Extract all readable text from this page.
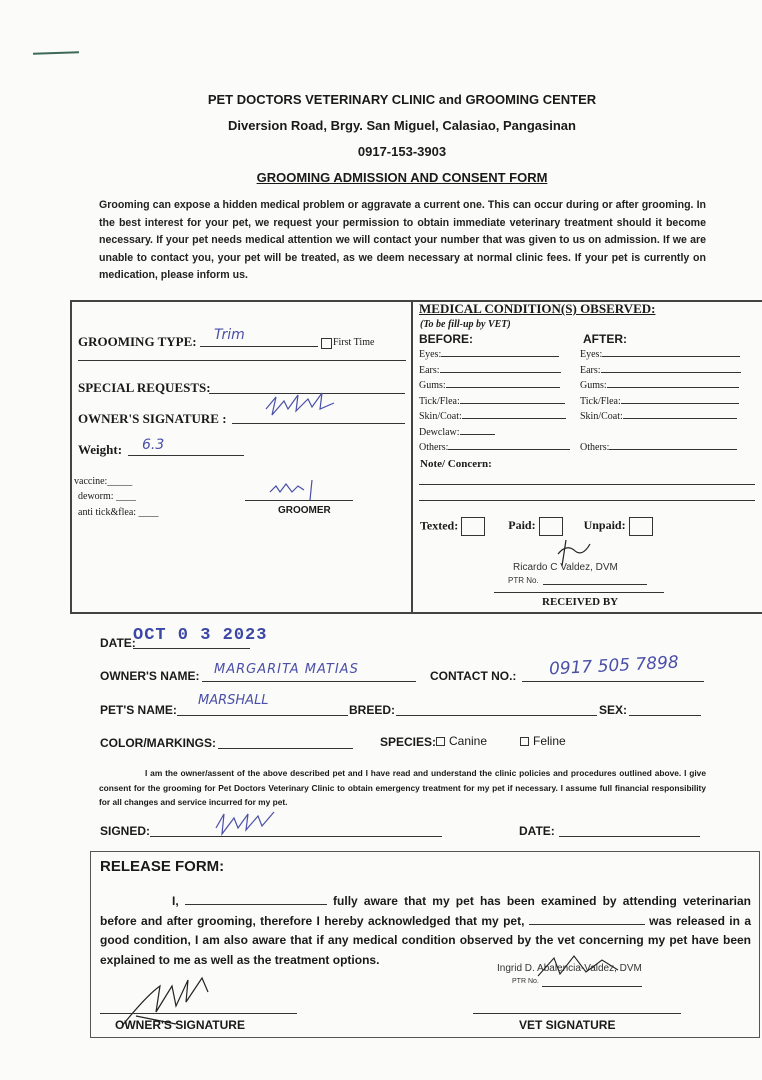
PET DOCTORS VETERINARY CLINIC and GROOMING CENTER
Diversion Road, Brgy. San Miguel, Calasiao, Pangasinan
0917-153-3903
GROOMING ADMISSION AND CONSENT FORM
Grooming can expose a hidden medical problem or aggravate a current one. This can occur during or after grooming. In the best interest for your pet, we request your permission to obtain immediate veterinary treatment should it become necessary. If your pet needs medical attention we will contact your number that was given to us on admission. If we are unable to contact you, your pet will be treated, as we deem necessary at normal clinic fees. If your pet is currently on medication, please inform us.
GROOMING TYPE: Trim	First Time
SPECIAL REQUESTS:
OWNER'S SIGNATURE :
Weight: 6.3
vaccine:_____
deworm: ____
anti tick&flea: ____	GROOMER
MEDICAL CONDITION(S) OBSERVED:
(To be fill-up by VET)
BEFORE:	AFTER:
Eyes:	Eyes:
Ears:	Ears:
Gums:	Gums:
Tick/Flea:	Tick/Flea:
Skin/Coat:	Skin/Coat:
Dewclaw:
Others:	Others:
Note/ Concern:
Texted:	Paid:	Unpaid:
Ricardo C Valdez, DVM
PTR No.
RECEIVED BY
DATE:
OCT 0 3 2023
OWNER'S NAME: MARGARITA MATIAS	CONTACT NO.: 0917 505 7898
PET'S NAME:
MARSHALL
BREED:	SEX:
COLOR/MARKINGS:	SPECIES:	Canine	Feline
I am the owner/assent of the above described pet and I have read and understand the clinic policies and procedures outlined above. I give consent for the grooming for Pet Doctors Veterinary Clinic to obtain emergency treatment for my pet if necessary. I assume full financial responsibility for all changes and service incurred for my pet.
SIGNED:	DATE:
RELEASE FORM:
I,	fully aware that my pet has been examined by attending veterinarian before and after grooming, therefore I hereby acknowledged that my pet,	was released in a good condition, I am also aware that if any medical condition observed by the vet concerning my pet have been explained to me as well as the treatment options.
Ingrid D. Abalencia-Valdez, DVM
PTR No.
OWNER'S SIGNATURE	VET SIGNATURE
